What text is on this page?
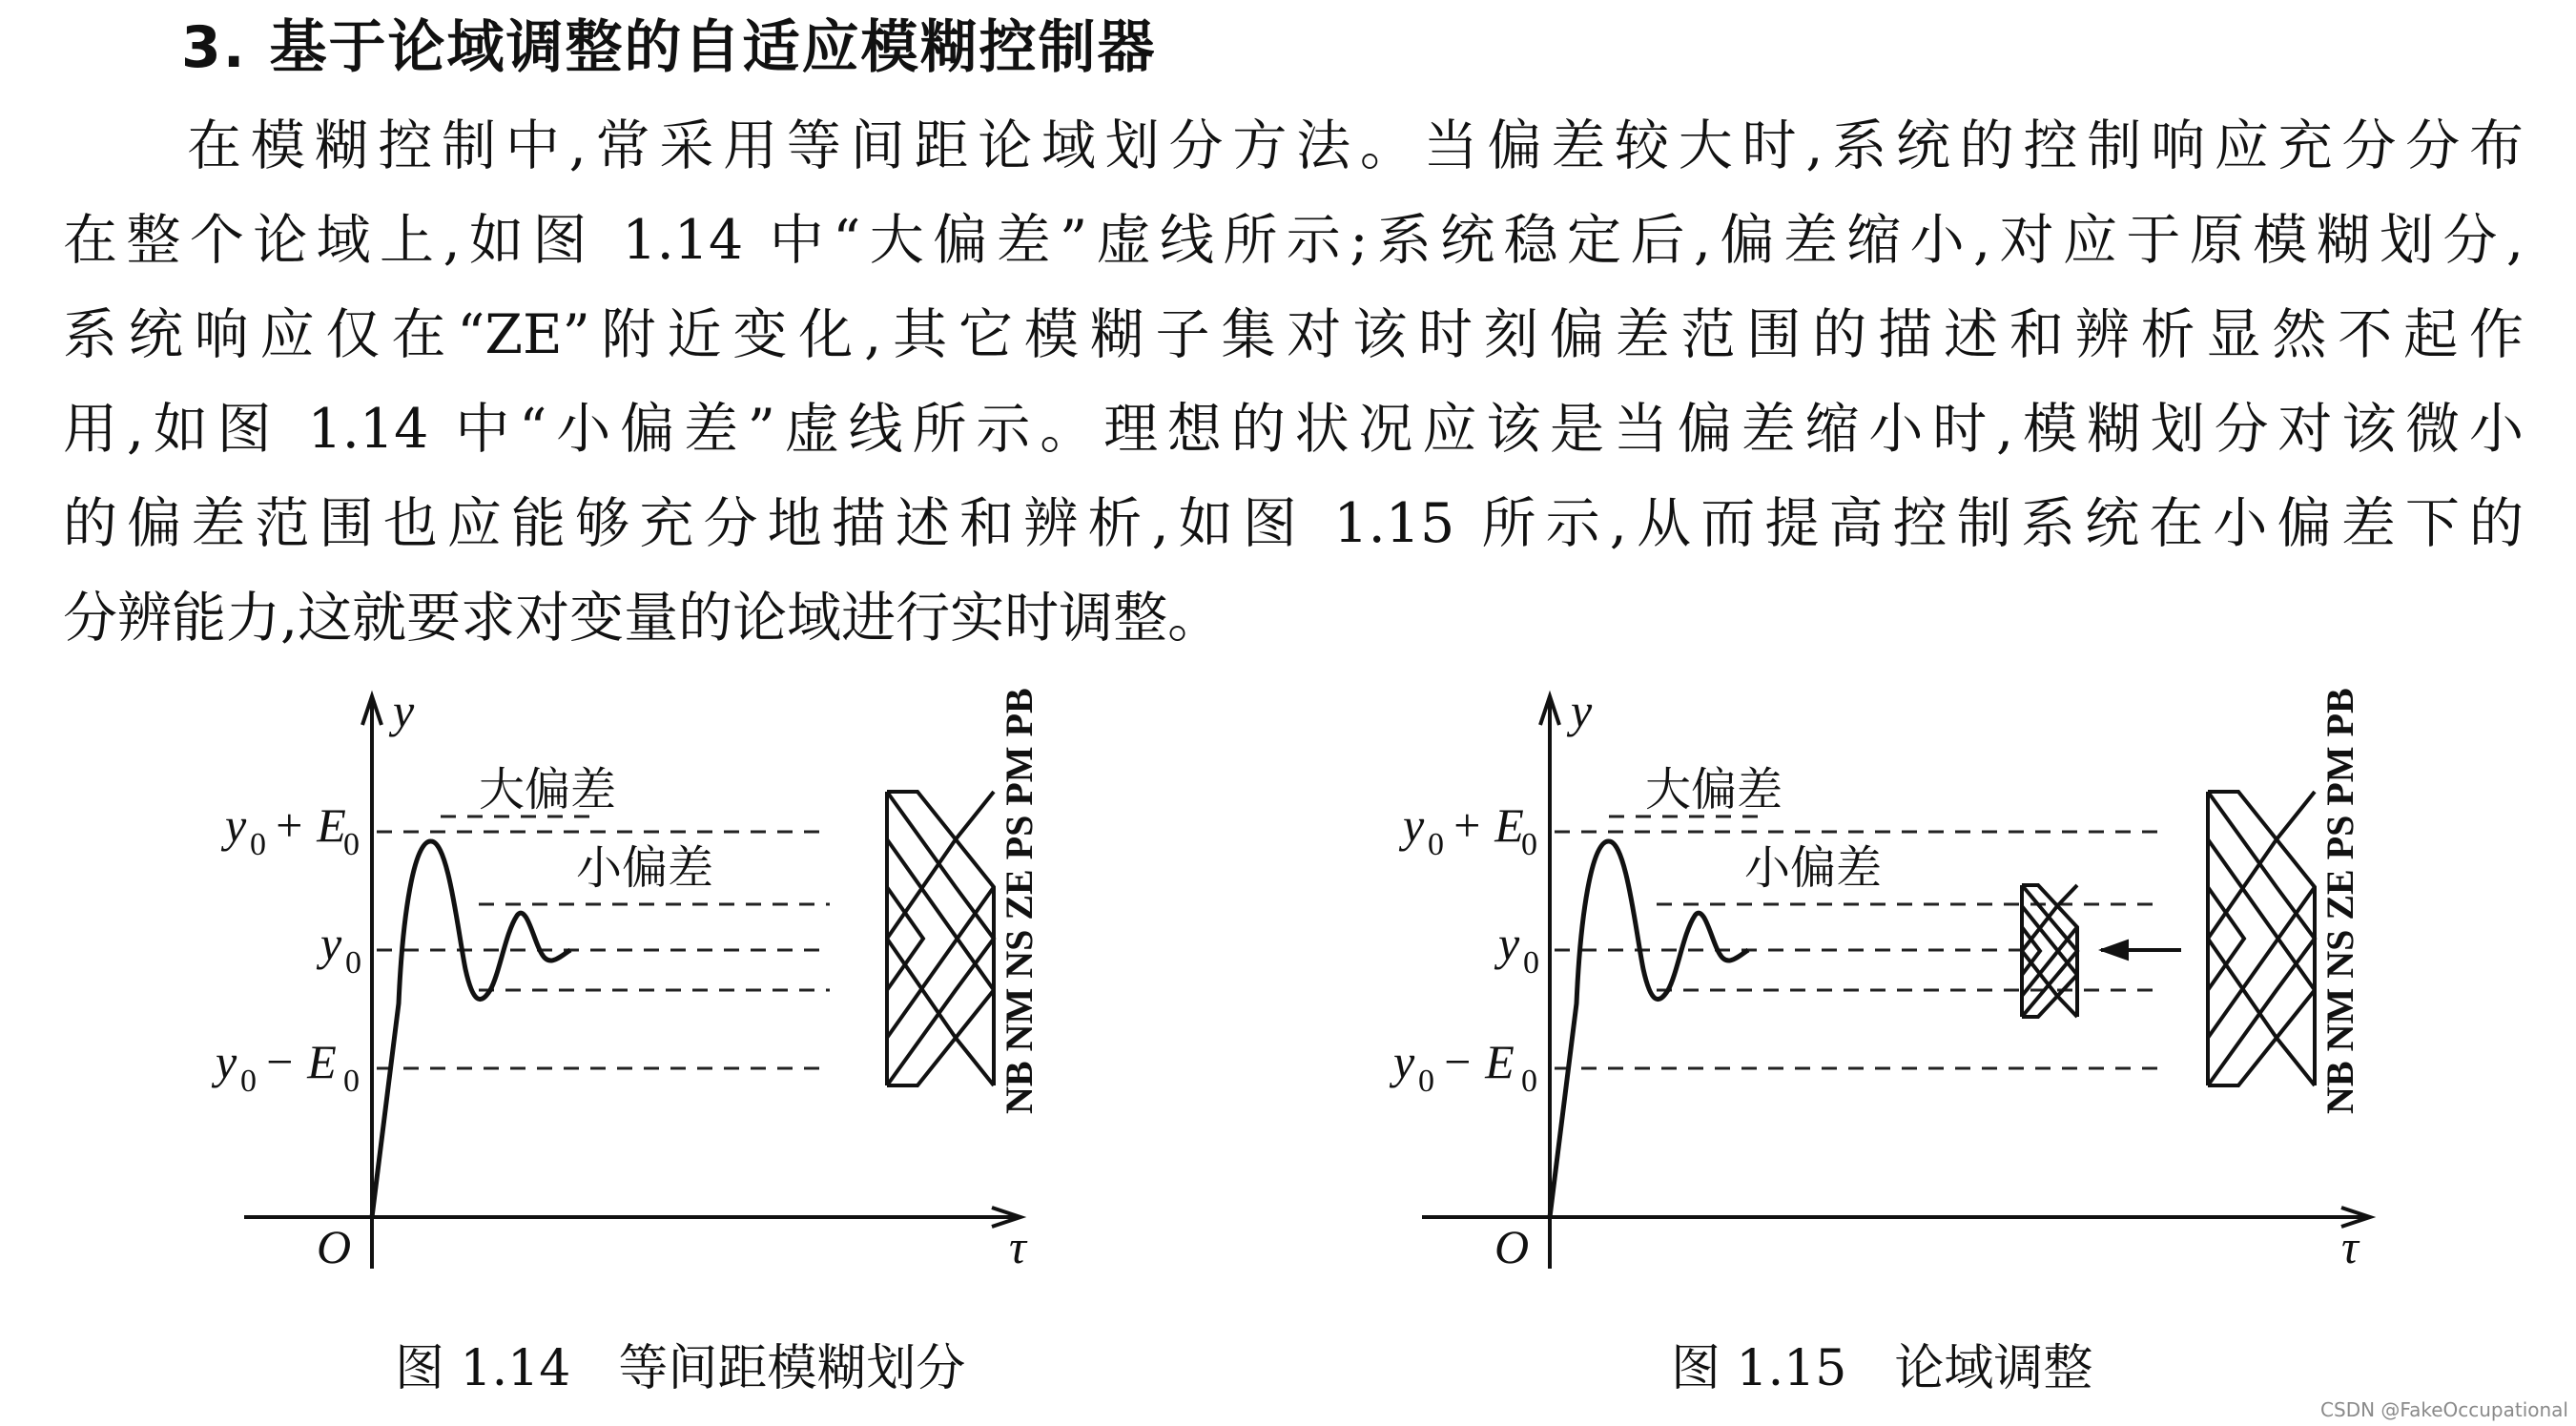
3. 基于论域调整的自适应模糊控制器
在模糊控制中,常采用等间距论域划分方法。当偏差较大时,系统的控制响应充分分布
在整个论域上,如图 1.14 中“大偏差”虚线所示;系统稳定后,偏差缩小,对应于原模糊划分,
系统响应仅在“ZE”附近变化,其它模糊子集对该时刻偏差范围的描述和辨析显然不起作
用,如图 1.14 中“小偏差”虚线所示。理想的状况应该是当偏差缩小时,模糊划分对该微小
的偏差范围也应能够充分地描述和辨析,如图 1.15 所示,从而提高控制系统在小偏差下的
分辨能力,这就要求对变量的论域进行实时调整。
y
τ
O
y 0 + E
0
y 0
y 0 − E 0
大偏差
小偏差	NB NM NS ZE PS PM PB	y
τ
O
y 0 + E
0
y 0
y 0 − E 0
大偏差
小偏差	NB NM NS ZE PS PM PB
图 1.14 等间距模糊划分	图 1.15 论域调整
CSDN @FakeOccupational
